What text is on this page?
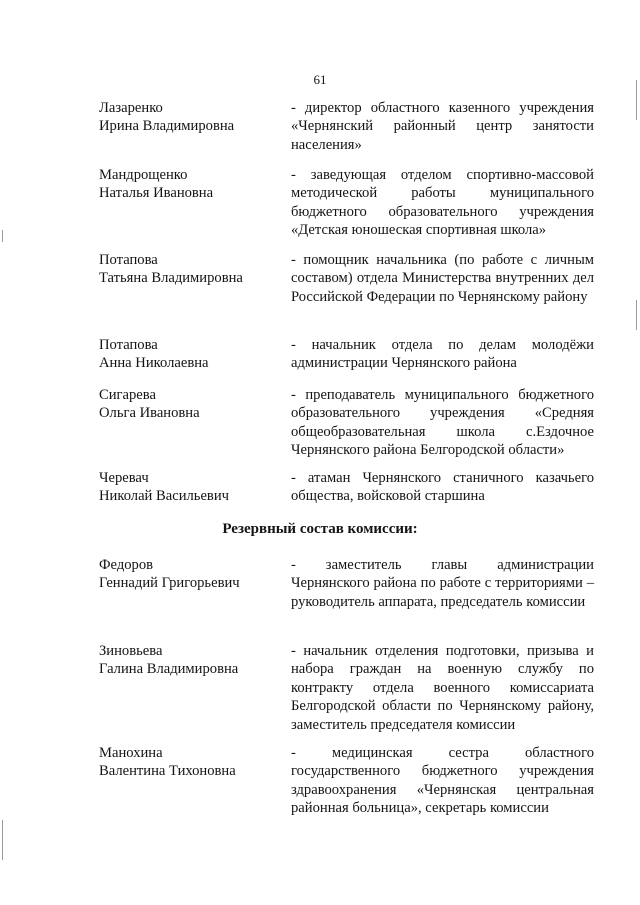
61
Лазаренко
Ирина Владимировна
- директор областного казенного учреждения «Чернянский районный центр занятости населения»
Мандрощенко
Наталья Ивановна
- заведующая отделом спортивно-массовой методической работы муниципального бюджетного образовательного учреждения «Детская юношеская спортивная школа»
Потапова
Татьяна Владимировна
- помощник начальника (по работе с личным составом) отдела Министерства внутренних дел Российской Федерации по Чернянскому району
Потапова
Анна Николаевна
- начальник отдела по делам молодёжи администрации Чернянского района
Сигарева
Ольга Ивановна
- преподаватель муниципального бюджетного образовательного учреждения «Средняя общеобразовательная школа с.Ездочное Чернянского района Белгородской области»
Черевач
Николай Васильевич
- атаман Чернянского станичного казачьего общества, войсковой старшина
Резервный состав комиссии:
Федоров
Геннадий Григорьевич
- заместитель главы администрации Чернянского района по работе с территориями – руководитель аппарата, председатель комиссии
Зиновьева
Галина Владимировна
- начальник отделения подготовки, призыва и набора граждан на военную службу по контракту отдела военного комиссариата Белгородской области по Чернянскому району, заместитель председателя комиссии
Манохина
Валентина Тихоновна
- медицинская сестра областного государственного бюджетного учреждения здравоохранения «Чернянская центральная районная больница», секретарь комиссии
